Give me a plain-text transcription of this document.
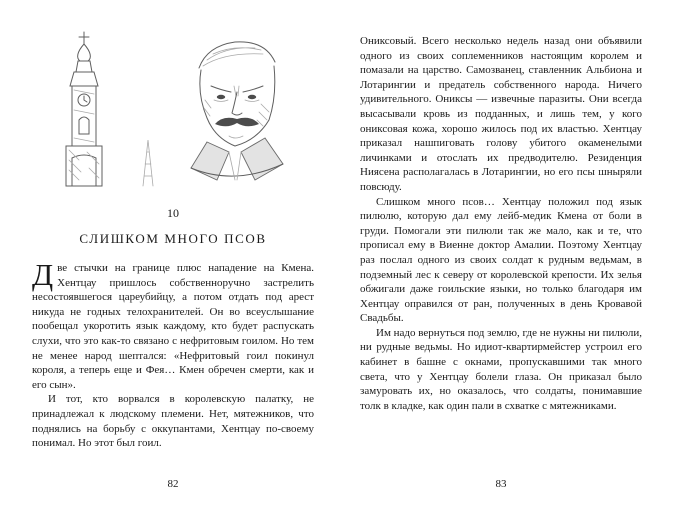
10
СЛИШКОМ МНОГО ПСОВ

Две стычки на границе плюс нападение на Кмена. Хентцау пришлось собственноручно застрелить несостоявшегося цареубийцу, а потом отдать под арест никуда не годных телохранителей. Он во всеуслышание пообещал укоротить язык каждому, кто будет распускать слухи, что это как-то связано с нефритовым гоилом. Но тем не менее народ шептался: «Нефритовый гоил покинул короля, а теперь еще и Фея… Кмен обречен смерти, как и его сын».

И тот, кто ворвался в королевскую палатку, не принадлежал к людскому племени. Нет, мятежников, что поднялись на борьбу с оккупантами, Хентцау по-своему понимал. Но этот был гоил.

82

Ониксовый. Всего несколько недель назад они объявили одного из своих соплеменников настоящим королем и помазали на царство. Самозванец, ставленник Альбиона и Лотарингии и предатель собственного народа. Ничего удивительного. Ониксы — извечные паразиты. Они всегда высасывали кровь из подданных, и лишь тем, у кого ониксовая кожа, хорошо жилось под их властью. Хентцау приказал нашпиговать голову убитого окаменелыми личинками и отослать их предводителю. Резиденция Ниясена располагалась в Лотарингии, но его псы шныряли повсюду.

Слишком много псов… Хентцау положил под язык пилюлю, которую дал ему лейб-медик Кмена от боли в груди. Помогали эти пилюли так же мало, как и те, что прописал ему в Виенне доктор Амалии. Поэтому Хентцау раз послал одного из своих солдат к рудным ведьмам, в подземный лес к северу от королевской крепости. Их зелья обжигали даже гоильские языки, но только благодаря им Хентцау оправился от ран, полученных в день Кровавой Свадьбы.

Им надо вернуться под землю, где не нужны ни пилюли, ни рудные ведьмы. Но идиот-квартирмейстер устроил его кабинет в башне с окнами, пропускавшими так много света, что у Хентцау болели глаза. Он приказал было замуровать их, но оказалось, что солдаты, понимавшие толк в кладке, как один пали в схватке с мятежниками.

83
